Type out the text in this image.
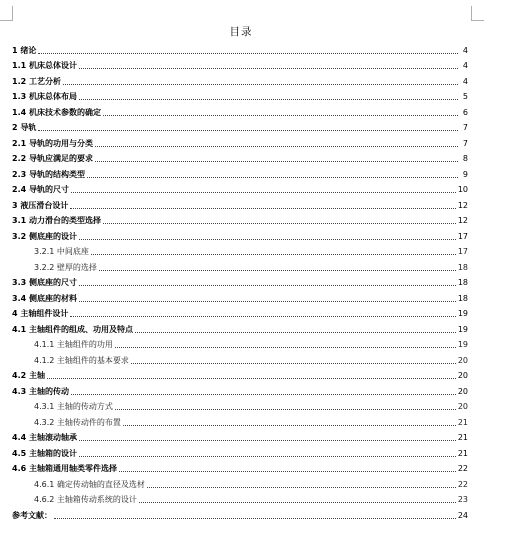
目录
1 绪论	4
1.1 机床总体设计	4
1.2 工艺分析	4
1.3 机床总体布局	5
1.4 机床技术参数的确定	6
2 导轨	7
2.1 导轨的功用与分类	7
2.2 导轨应满足的要求	8
2.3 导轨的结构类型	9
2.4 导轨的尺寸	10
3 液压滑台设计	12
3.1 动力滑台的类型选择	12
3.2 侧底座的设计	17
3.2.1 中间底座	17
3.2.2 壁厚的选择	18
3.3 侧底座的尺寸	18
3.4 侧底座的材料	18
4 主轴组件设计	19
4.1 主轴组件的组成、功用及特点	19
4.1.1 主轴组件的功用	19
4.1.2 主轴组件的基本要求	20
4.2 主轴	20
4.3 主轴的传动	20
4.3.1 主轴的传动方式	20
4.3.2 主轴传动件的布置	21
4.4 主轴滚动轴承	21
4.5 主轴箱的设计	21
4.6 主轴箱通用轴类零件选择	22
4.6.1 确定传动轴的直径及选材	22
4.6.2 主轴箱传动系统的设计	23
参考文献：	24
